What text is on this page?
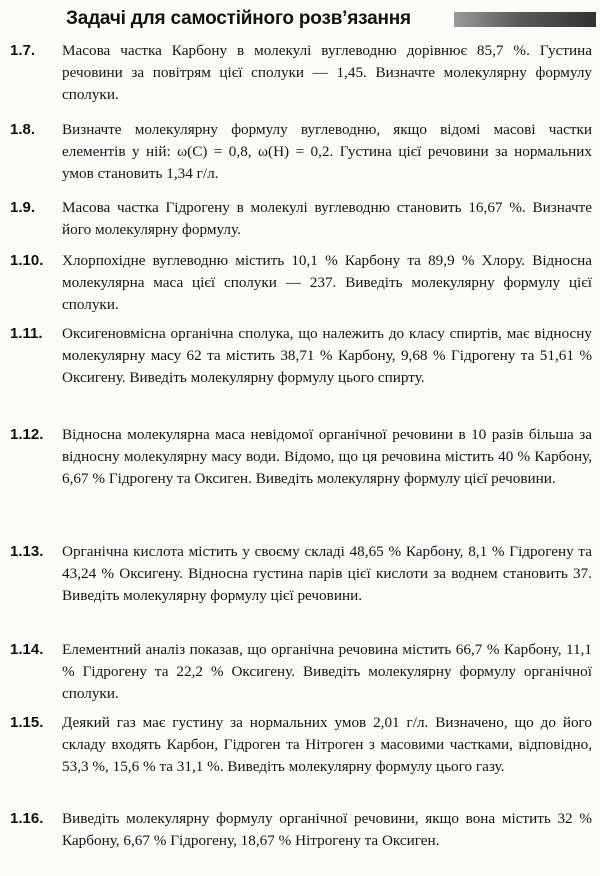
Задачі для самостійного розв’язання
1.7. Масова частка Карбону в молекулі вуглеводню дорівнює 85,7 %. Густина речовини за повітрям цієї сполуки — 1,45. Визначте молекулярну формулу сполуки.
1.8. Визначте молекулярну формулу вуглеводню, якщо відомі масові частки елементів у ній: ω(C) = 0,8, ω(H) = 0,2. Густина цієї речовини за нормальних умов становить 1,34 г/л.
1.9. Масова частка Гідрогену в молекулі вуглеводню становить 16,67 %. Визначте його молекулярну формулу.
1.10. Хлорпохідне вуглеводню містить 10,1 % Карбону та 89,9 % Хлору. Відносна молекулярна маса цієї сполуки — 237. Виведіть молекулярну формулу цієї сполуки.
1.11. Оксигеновмісна органічна сполука, що належить до класу спиртів, має відносну молекулярну масу 62 та містить 38,71 % Карбону, 9,68 % Гідрогену та 51,61 % Оксигену. Виведіть молекулярну формулу цього спирту.
1.12. Відносна молекулярна маса невідомої органічної речовини в 10 разів більша за відносну молекулярну масу води. Відомо, що ця речовина містить 40 % Карбону, 6,67 % Гідрогену та Оксиген. Виведіть молекулярну формулу цієї речовини.
1.13. Органічна кислота містить у своєму складі 48,65 % Карбону, 8,1 % Гідрогену та 43,24 % Оксигену. Відносна густина парів цієї кислоти за воднем становить 37. Виведіть молекулярну формулу цієї речовини.
1.14. Елементний аналіз показав, що органічна речовина містить 66,7 % Карбону, 11,1 % Гідрогену та 22,2 % Оксигену. Виведіть молекулярну формулу органічної сполуки.
1.15. Деякий газ має густину за нормальних умов 2,01 г/л. Визначено, що до його складу входять Карбон, Гідроген та Нітроген з масовими частками, відповідно, 53,3 %, 15,6 % та 31,1 %. Виведіть молекулярну формулу цього газу.
1.16. Виведіть молекулярну формулу органічної речовини, якщо вона містить 32 % Карбону, 6,67 % Гідрогену, 18,67 % Нітрогену та Оксиген.
